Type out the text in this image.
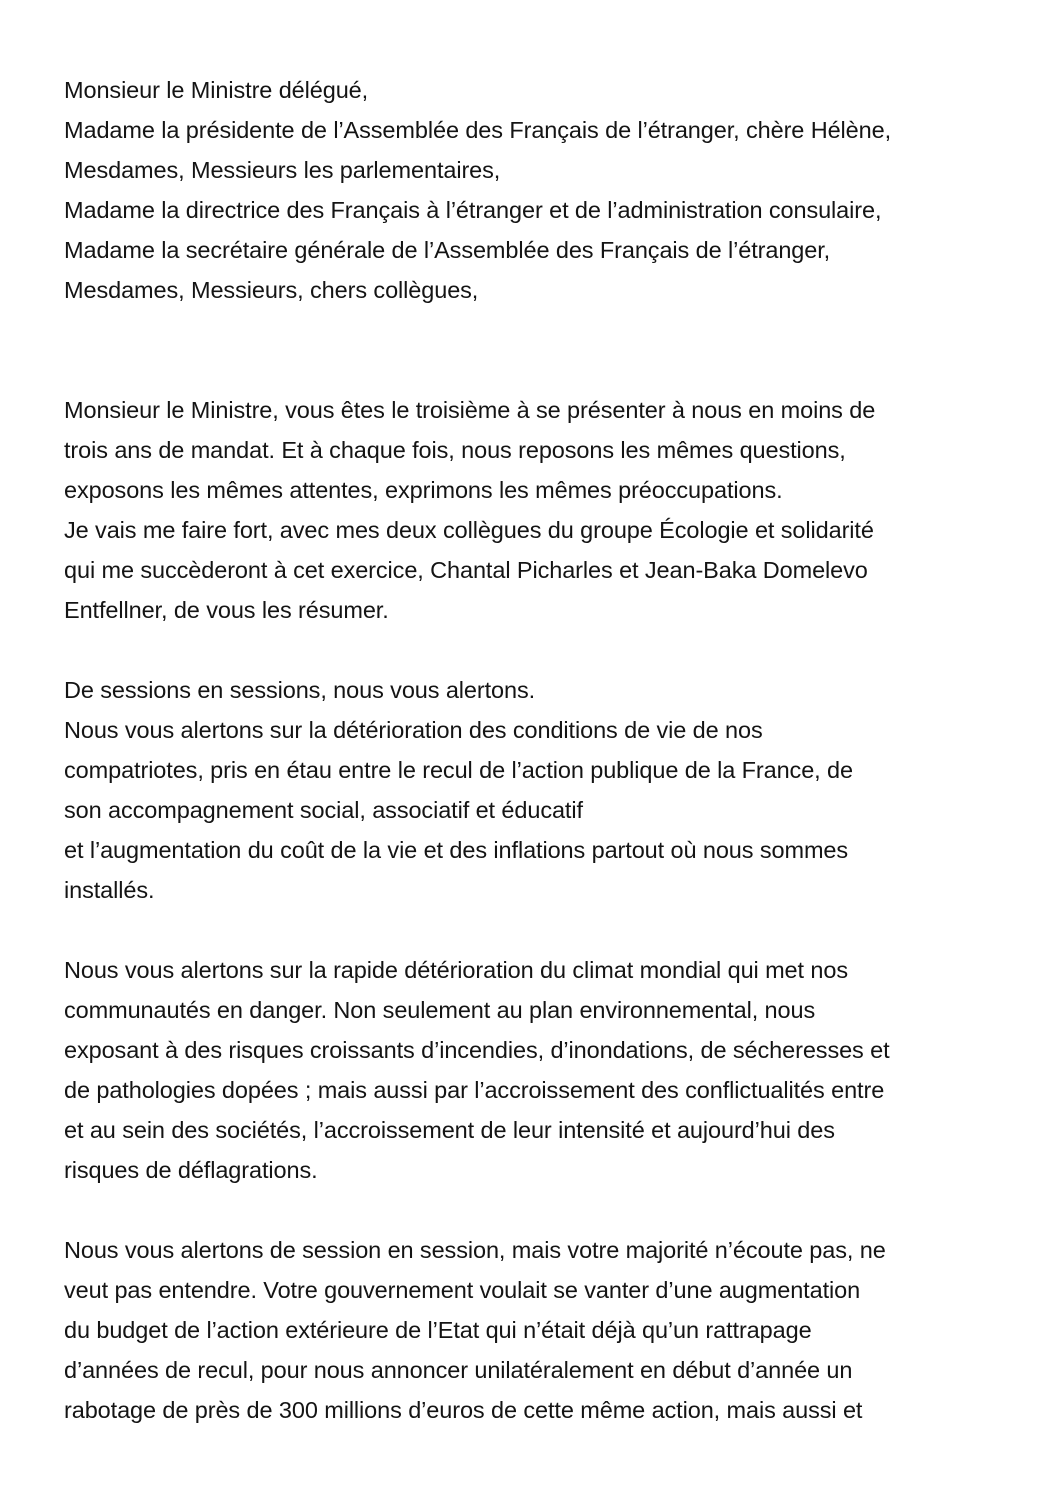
Monsieur le Ministre délégué,
Madame la présidente de l’Assemblée des Français de l’étranger, chère Hélène,
Mesdames, Messieurs les parlementaires,
Madame la directrice des Français à l’étranger et de l’administration consulaire,
Madame la secrétaire générale de l’Assemblée des Français de l’étranger,
Mesdames, Messieurs, chers collègues,
Monsieur le Ministre, vous êtes le troisième à se présenter à nous en moins de
trois ans de mandat. Et à chaque fois, nous reposons les mêmes questions,
exposons les mêmes attentes, exprimons les mêmes préoccupations.
Je vais me faire fort, avec mes deux collègues du groupe Écologie et solidarité
qui me succèderont à cet exercice, Chantal Picharles et Jean-Baka Domelevo
Entfellner, de vous les résumer.
De sessions en sessions, nous vous alertons.
Nous vous alertons sur la détérioration des conditions de vie de nos
compatriotes, pris en étau entre le recul de l’action publique de la France, de
son accompagnement social, associatif et éducatif
et l’augmentation du coût de la vie et des inflations partout où nous sommes
installés.
Nous vous alertons sur la rapide détérioration du climat mondial qui met nos
communautés en danger. Non seulement au plan environnemental, nous
exposant à des risques croissants d’incendies, d’inondations, de sécheresses et
de pathologies dopées ; mais aussi par l’accroissement des conflictualités entre
et au sein des sociétés, l’accroissement de leur intensité et aujourd’hui des
risques de déflagrations.
Nous vous alertons de session en session, mais votre majorité n’écoute pas, ne
veut pas entendre. Votre gouvernement voulait se vanter d’une augmentation
du budget de l’action extérieure de l’Etat qui n’était déjà qu’un rattrapage
d’années de recul, pour nous annoncer unilatéralement en début d’année un
rabotage de près de 300 millions d’euros de cette même action, mais aussi et
